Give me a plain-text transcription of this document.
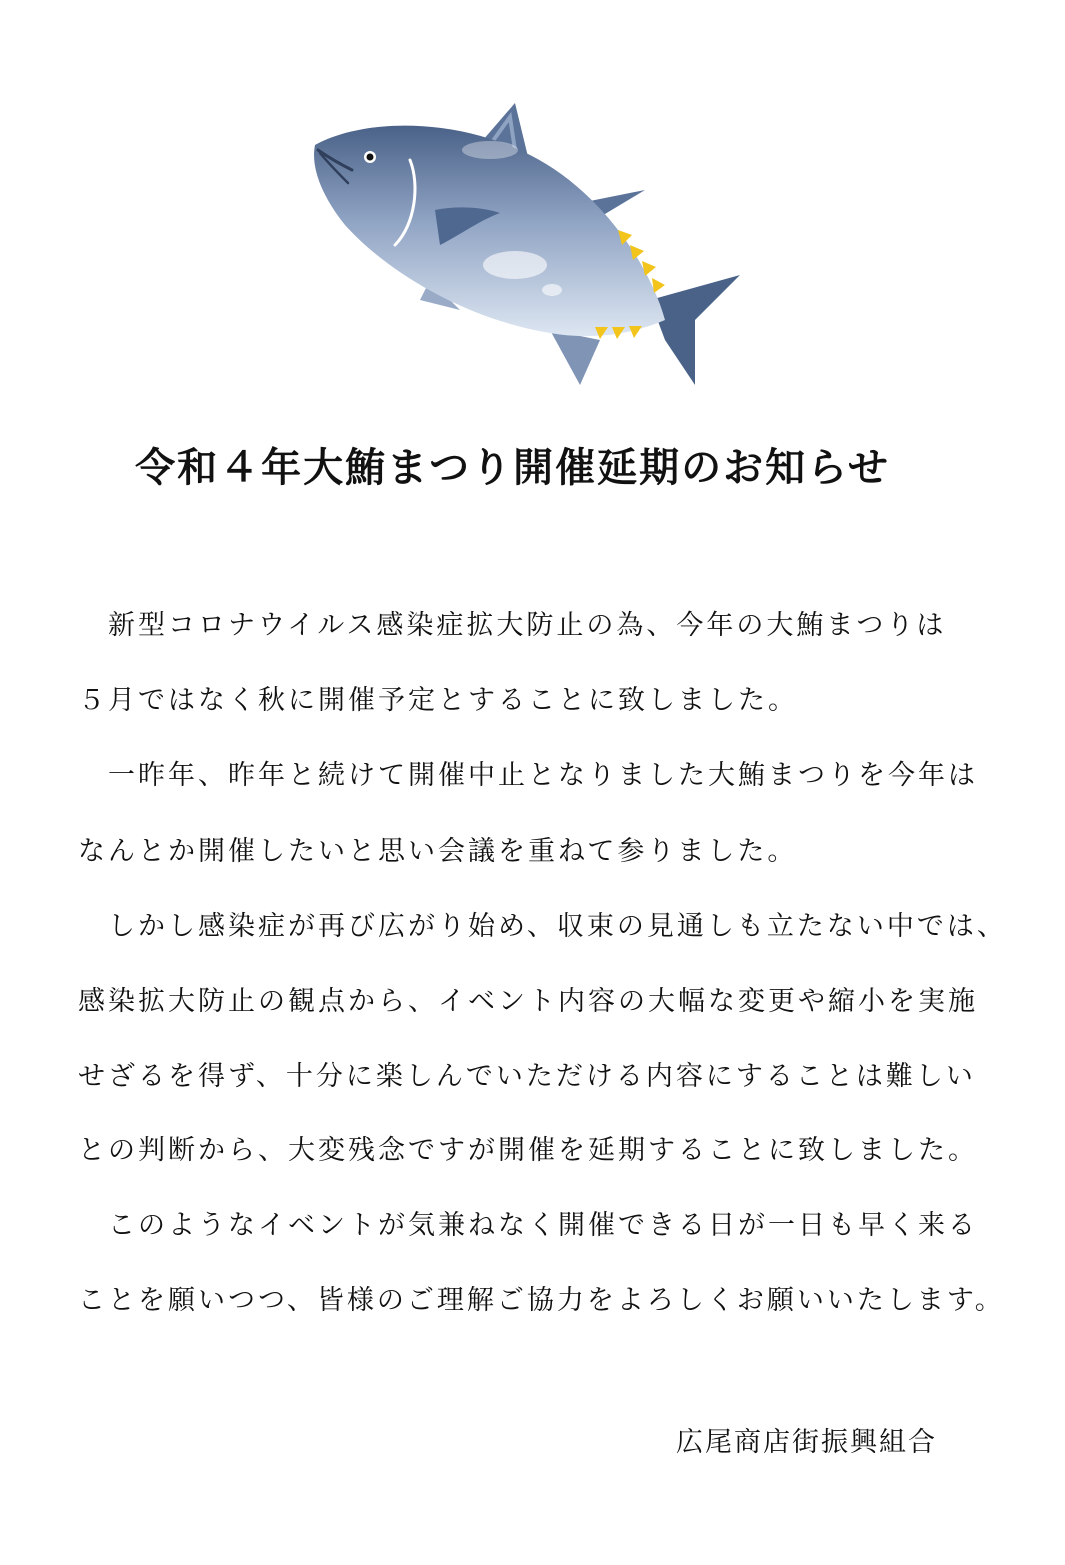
令和４年大鮪まつり開催延期のお知らせ

　新型コロナウイルス感染症拡大防止の為、今年の大鮪まつりは

５月ではなく秋に開催予定とすることに致しました。

　一昨年、昨年と続けて開催中止となりました大鮪まつりを今年は

なんとか開催したいと思い会議を重ねて参りました。

　しかし感染症が再び広がり始め、収束の見通しも立たない中では、

感染拡大防止の観点から、イベント内容の大幅な変更や縮小を実施

せざるを得ず、十分に楽しんでいただける内容にすることは難しい

との判断から、大変残念ですが開催を延期することに致しました。

　このようなイベントが気兼ねなく開催できる日が一日も早く来る

ことを願いつつ、皆様のご理解ご協力をよろしくお願いいたします。

広尾商店街振興組合
